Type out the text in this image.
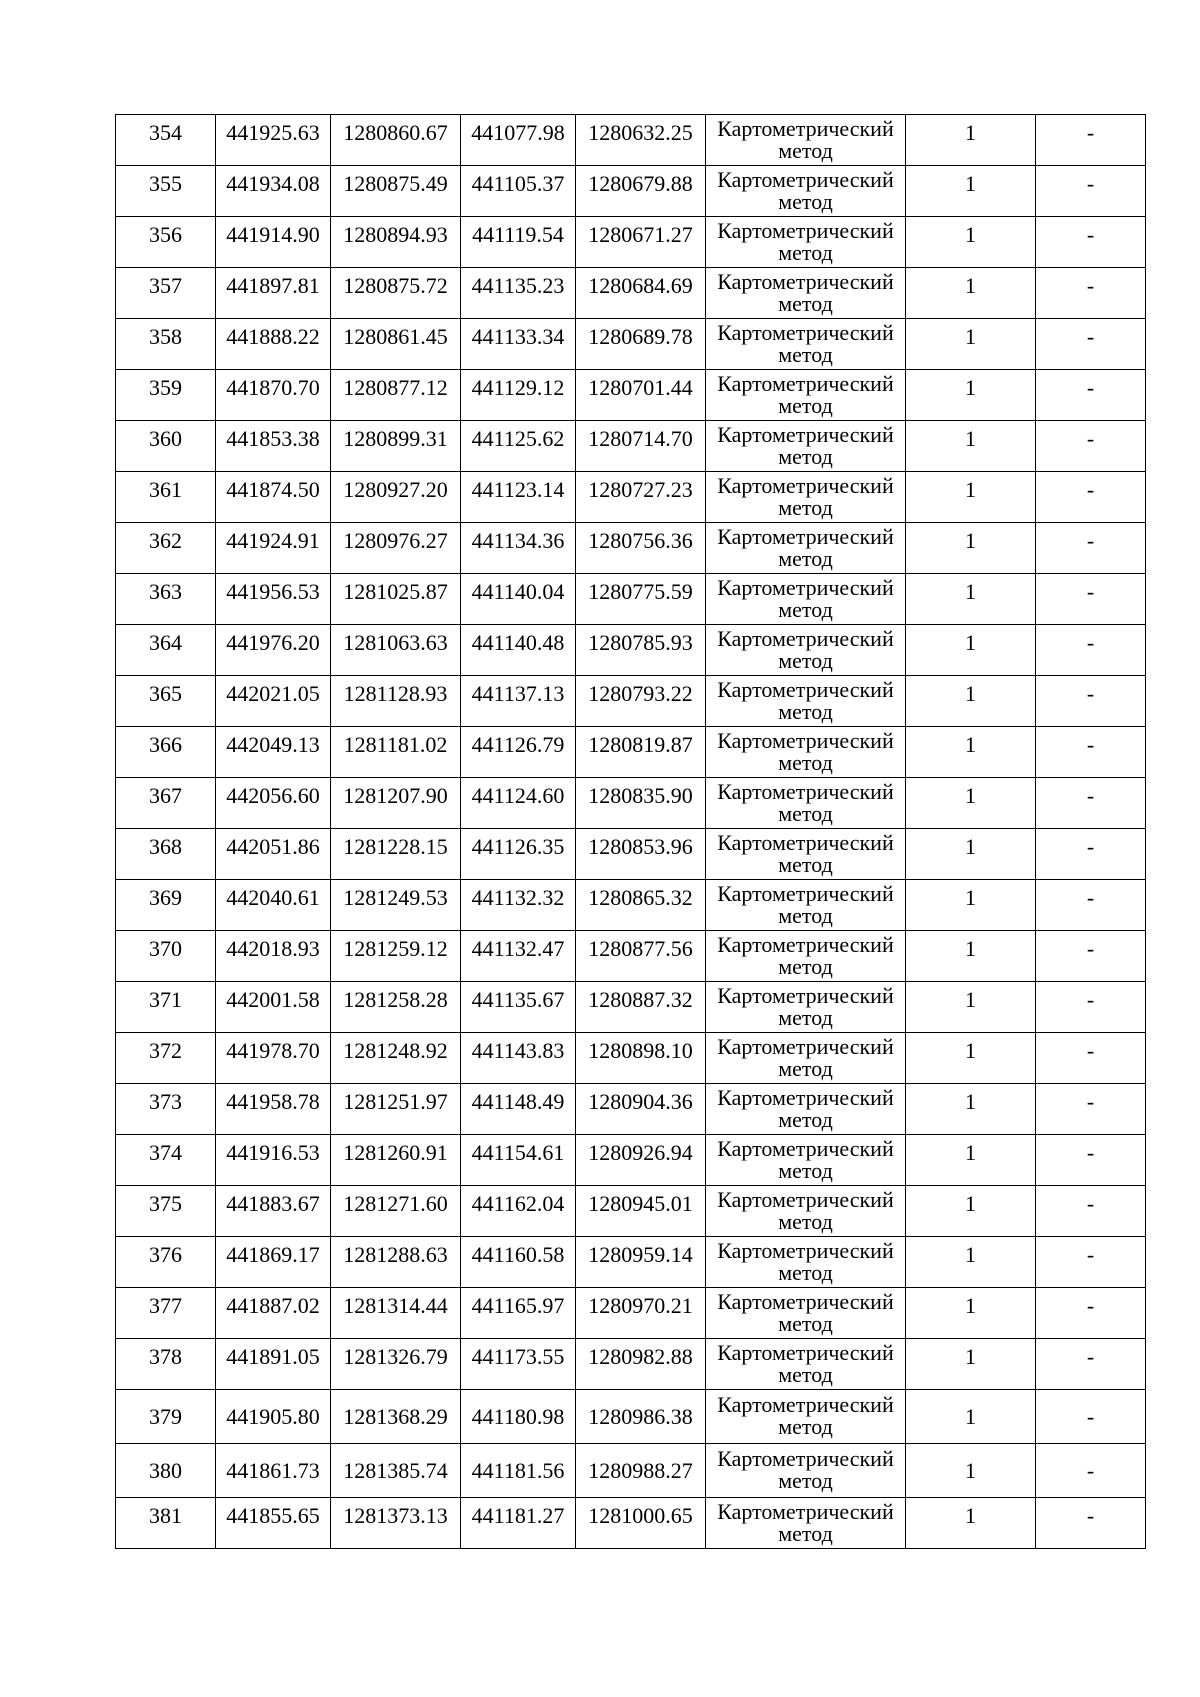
354	441925.63	1280860.67	441077.98	1280632.25	Картометрический
метод	1	-

355	441934.08	1280875.49	441105.37	1280679.88	Картометрический
метод	1	-

356	441914.90	1280894.93	441119.54	1280671.27	Картометрический
метод	1	-

357	441897.81	1280875.72	441135.23	1280684.69	Картометрический
метод	1	-

358	441888.22	1280861.45	441133.34	1280689.78	Картометрический
метод	1	-

359	441870.70	1280877.12	441129.12	1280701.44	Картометрический
метод	1	-

360	441853.38	1280899.31	441125.62	1280714.70	Картометрический
метод	1	-

361	441874.50	1280927.20	441123.14	1280727.23	Картометрический
метод	1	-

362	441924.91	1280976.27	441134.36	1280756.36	Картометрический
метод	1	-

363	441956.53	1281025.87	441140.04	1280775.59	Картометрический
метод	1	-

364	441976.20	1281063.63	441140.48	1280785.93	Картометрический
метод	1	-

365	442021.05	1281128.93	441137.13	1280793.22	Картометрический
метод	1	-

366	442049.13	1281181.02	441126.79	1280819.87	Картометрический
метод	1	-

367	442056.60	1281207.90	441124.60	1280835.90	Картометрический
метод	1	-

368	442051.86	1281228.15	441126.35	1280853.96	Картометрический
метод	1	-

369	442040.61	1281249.53	441132.32	1280865.32	Картометрический
метод	1	-

370	442018.93	1281259.12	441132.47	1280877.56	Картометрический
метод	1	-

371	442001.58	1281258.28	441135.67	1280887.32	Картометрический
метод	1	-

372	441978.70	1281248.92	441143.83	1280898.10	Картометрический
метод	1	-

373	441958.78	1281251.97	441148.49	1280904.36	Картометрический
метод	1	-

374	441916.53	1281260.91	441154.61	1280926.94	Картометрический
метод	1	-

375	441883.67	1281271.60	441162.04	1280945.01	Картометрический
метод	1	-

376	441869.17	1281288.63	441160.58	1280959.14	Картометрический
метод	1	-

377	441887.02	1281314.44	441165.97	1280970.21	Картометрический
метод	1	-

378	441891.05	1281326.79	441173.55	1280982.88	Картометрический
метод	1	-

379	441905.80	1281368.29	441180.98	1280986.38	Картометрический
метод	1	-

380	441861.73	1281385.74	441181.56	1280988.27	Картометрический
метод	1	-

381	441855.65	1281373.13	441181.27	1281000.65	Картометрический
метод	1	-
